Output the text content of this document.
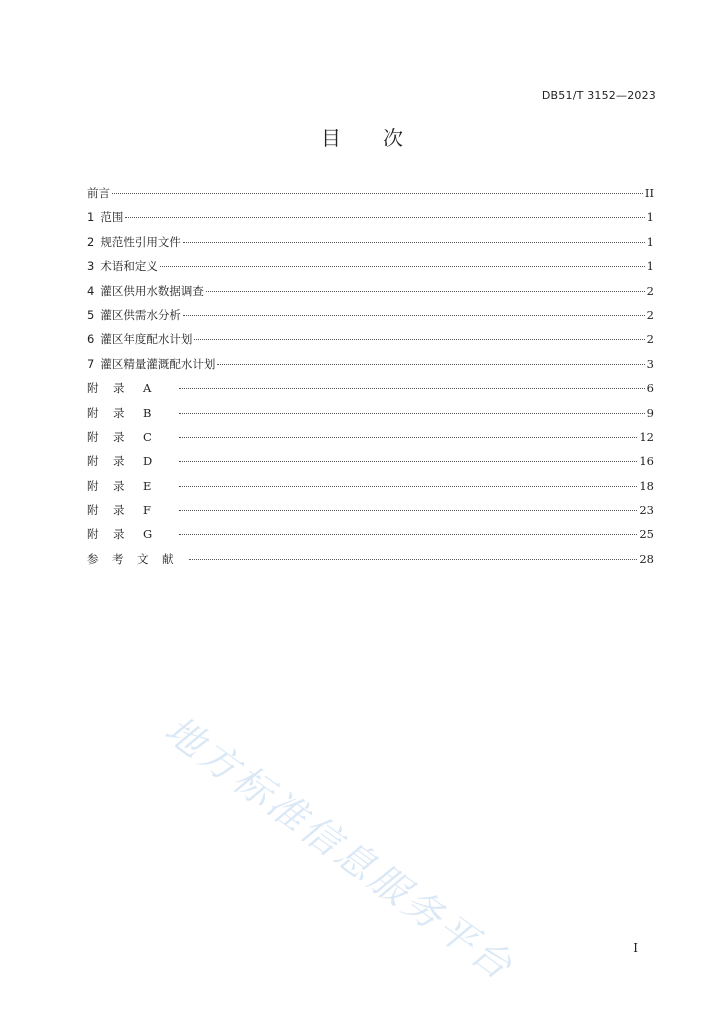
DB51/T 3152—2023
目 次
前言	II
1 范围	1
2 规范性引用文件	1
3 术语和定义	1
4 灌区供用水数据调查	2
5 灌区供需水分析	2
6 灌区年度配水计划	2
7 灌区精量灌溉配水计划	3
附 录 A	6
附 录 B	9
附 录 C	12
附 录 D	16
附 录 E	18
附 录 F	23
附 录 G	25
参 考 文 献	28
地方标准信息服务平台	I
